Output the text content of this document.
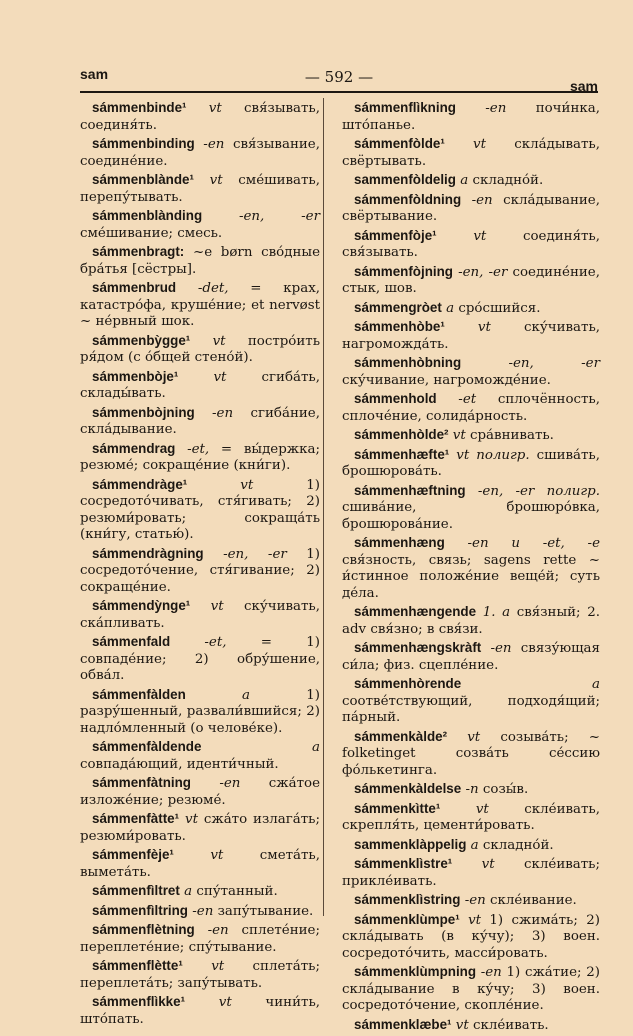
sam	— 592 —	sam

sámmenbinde¹ vt свя́зывать, соединя́ть.

sámmenbinding -en свя́зывание, соедине́ние.

sámmenblànde¹ vt сме́шивать, перепу́тывать.

sámmenblànding	-en, -er сме́шивание; смесь.

sámmenbragt: ~e børn сво́дные бра́тья [сёстры].

sámmenbrud -det, = крах, катастро́фа, круше́ние; et nervøst ~ не́рвный шок.

sámmenbỳgge¹ vt постро́ить ря́дом (с о́бщей стено́й).

sámmenbòje¹	vt	сгиба́ть, склады́вать.

sámmenbòjning -en сгиба́ние, скла́дывание.

sámmendrag -et, = вы́держка; резюме́; сокраще́ние (кни́ги).

sámmendràge¹	vt	1) сосредото́чивать, стя́гивать; 2) резюми́ровать; сокраща́ть (кни́гу, статью́).

sámmendràgning -en, -er 1) сосредото́чение, стя́гивание; 2) сокраще́ние.

sámmendỳnge¹ vt ску́чивать, ска́пливать.

sámmenfald	-et,	= 1) совпаде́ние; 2) обру́шение, обва́л.

sámmenfàlden	a	1) разру́шенный, развали́вшийся; 2) надло́мленный (о челове́ке).

sámmenfàldende	a совпада́ющий, иденти́чный.

sámmenfàtning -en сжа́тое изложе́ние; резюме́.

sámmenfàtte¹ vt сжа́то излага́ть; резюми́ровать.

sámmenfèje¹	vt	смета́ть, вымета́ть.

sámmenfìltret a спу́танный.

sámmenfìltring -en запу́тывание.

sámmenflètning -en сплете́ние; переплете́ние; спу́тывание.

sámmenflètte¹ vt сплета́ть; переплета́ть; запу́тывать.

sámmenflìkke¹	vt	чини́ть, што́пать.

sámmenflìkning -en почи́нка, што́панье.

sámmenfòlde¹ vt скла́дывать, свёртывать.

sammenfòldelig a складно́й.

sámmenfòldning -en скла́дывание, свёртывание.

sámmenfòje¹	vt	соединя́ть, свя́зывать.

sámmenfòjning -en, -er соедине́ние, стык, шов.

sámmengròet a сро́сшийся.

sámmenhòbe¹ vt ску́чивать, нагроможда́ть.

sámmenhòbning	-en, -er ску́чивание, нагроможде́ние.

sámmenhold -et сплочённость, сплоче́ние, солида́рность.

sámmenhòlde² vt сра́внивать.

sámmenhæfte¹ vt полигр. сшива́ть, брошюрова́ть.

sámmenhæftning -en, -er полигр. сшива́ние, брошюро́вка, брошюрова́ние.

sámmenhæng -en и -et, -e свя́зность, связь; sagens rette ~ и́стинное положе́ние веще́й; суть де́ла.

sámmenhængende 1. a свя́зный; 2. adv свя́зно; в свя́зи.

sámmenhængskràft -en связу́ющая си́ла; физ. сцепле́ние.

sámmenhòrende	a соотве́тствующий, подходя́щий; па́рный.

sámmenkàlde² vt созыва́ть; ~ folketinget созва́ть се́ссию фо́лькетинга.

sámmenkàldelse -n созы́в.

sámmenkìtte¹	vt	скле́ивать, скрепля́ть, цементи́ровать.

sammenklàppelig a складно́й.

sámmenklìstre¹ vt скле́ивать; прикле́ивать.

sámmenklìstring -en скле́ивание.

sámmenklùmpe¹ vt 1) сжима́ть; 2) скла́дывать (в ку́чу); 3) воен. сосредото́чить, масси́ровать.

sámmenklùmpning -en 1) сжа́тие; 2) скла́дывание в ку́чу; 3) воен. сосредото́чение, скопле́ние.

sámmenklæbe¹ vt скле́ивать.
